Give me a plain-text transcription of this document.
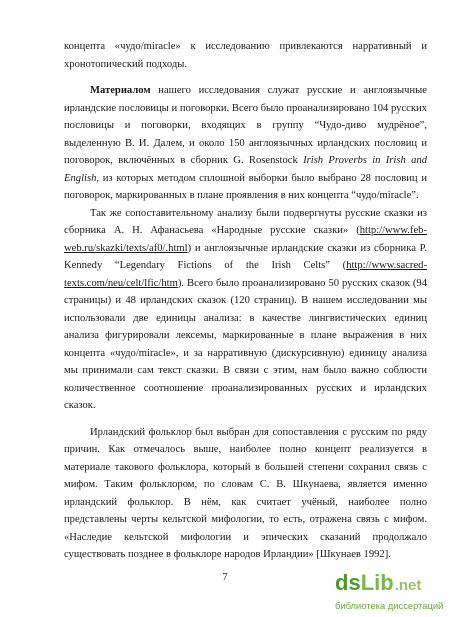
концепта «чудо/miracle» к исследованию привлекаются нарративный и хронотопический подходы.

Материалом нашего исследования служат русские и англоязычные ирландские пословицы и поговорки. Всего было проанализировано 104 русских пословицы и поговорки, входящих в группу “Чудо-диво мудрёное”, выделенную В. И. Далем, и около 150 англоязычных ирландских пословиц и поговорок, включённых в сборник G. Rosenstock Irish Proverbs in Irish and English, из которых методом сплошной выборки было выбрано 28 пословиц и поговорок, маркированных в плане проявления в них концепта “чудо/miracle”.

Так же сопоставительному анализу были подвергнуты русские сказки из сборника А. Н. Афанасьева «Народные русские сказки» (http://www.feb-web.ru/skazki/texts/af0/.html) и англоязычные ирландские сказки из сборника P. Kennedy “Legendary Fictions of the Irish Celts” (http://www.sacred-texts.com/neu/celt/lfic/htm). Всего было проанализировано 50 русских сказок (94 страницы) и 48 ирландских сказок (120 страниц). В нашем исследовании мы использовали две единицы анализа: в качестве лингвистических единиц анализа фигурировали лексемы, маркированные в плане выражения в них концепта «чудо/miracle», и за нарративную (дискурсивную) единицу анализа мы принимали сам текст сказки. В связи с этим, нам было важно соблюсти количественное соотношение проанализированных русских и ирландских сказок.

Ирландский фольклор был выбран для сопоставления с русским по ряду причин. Как отмечалось выше, наиболее полно концепт реализуется в материале такового фольклора, который в большей степени сохранил связь с мифом. Таким фольклором, по словам С. В. Шкунаева, является именно ирландский фольклор. В нём, как считает учёный, наиболее полно представлены черты кельтской мифологии, то есть, отражена связь с мифом. «Наследие кельтской мифологии и эпических сказаний продолжало существовать позднее в фольклоре народов Ирландии» [Шкунаев 1992].

7	ds Lib .net
библиотека диссертаций
